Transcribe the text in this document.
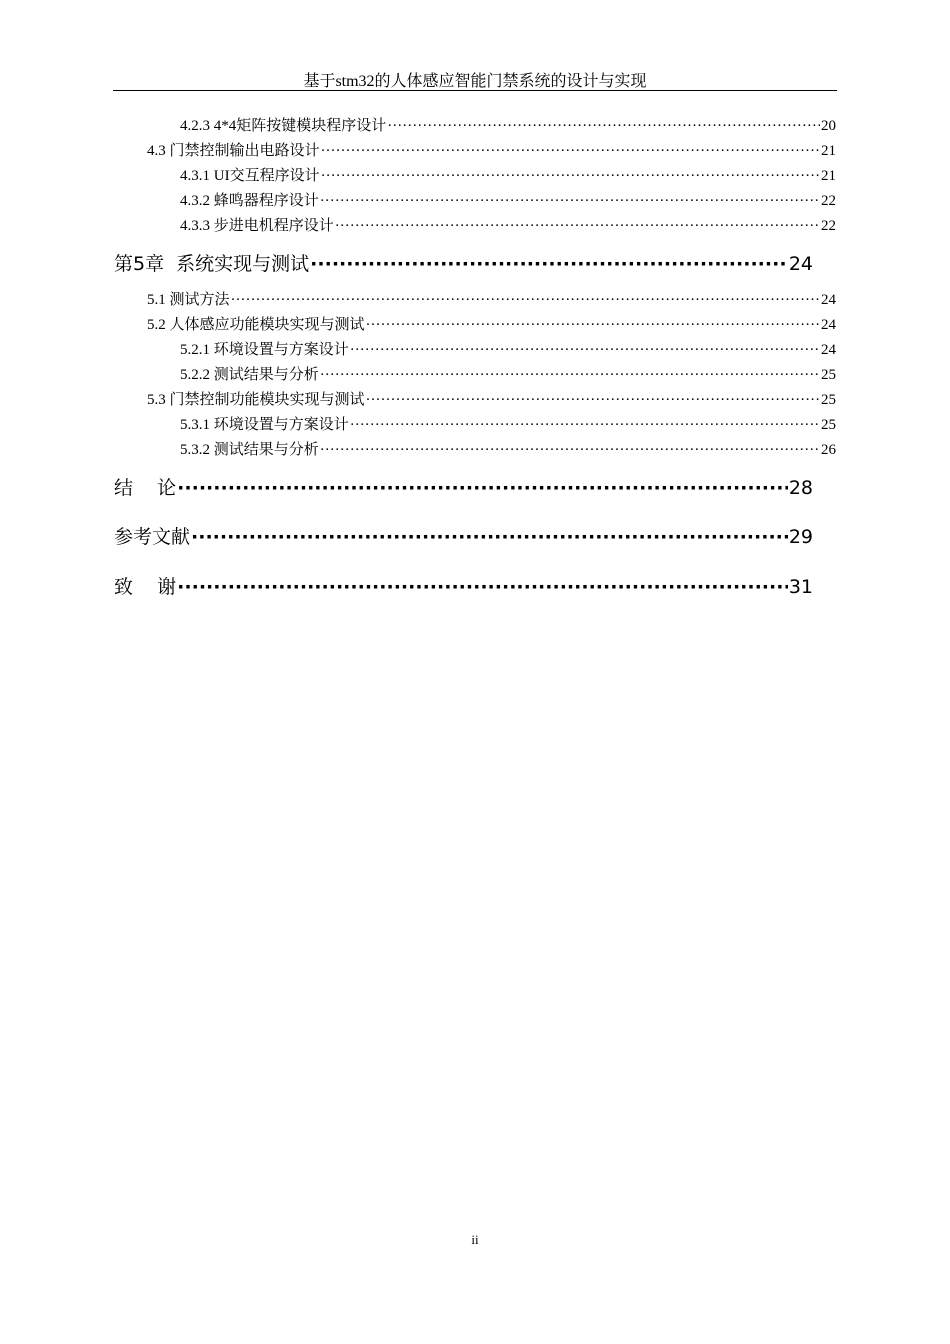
基于stm32的人体感应智能门禁系统的设计与实现
4.2.3 4*4矩阵按键模块程序设计 ·····	20
4.3 门禁控制输出电路设计 ·····	21
4.3.1 UI交互程序设计 ·····	21
4.3.2 蜂鸣器程序设计 ·····	22
4.3.3 步进电机程序设计 ·····	22
第5章  系统实现与测试 ·····	24
5.1 测试方法 ·····	24
5.2 人体感应功能模块实现与测试 ·····	24
5.2.1 环境设置与方案设计 ·····	24
5.2.2 测试结果与分析 ·····	25
5.3 门禁控制功能模块实现与测试 ·····	25
5.3.1 环境设置与方案设计 ·····	25
5.3.2 测试结果与分析 ·····	26
结    论 ·····	28
参考文献 ·····	29
致    谢 ·····	31
ii
